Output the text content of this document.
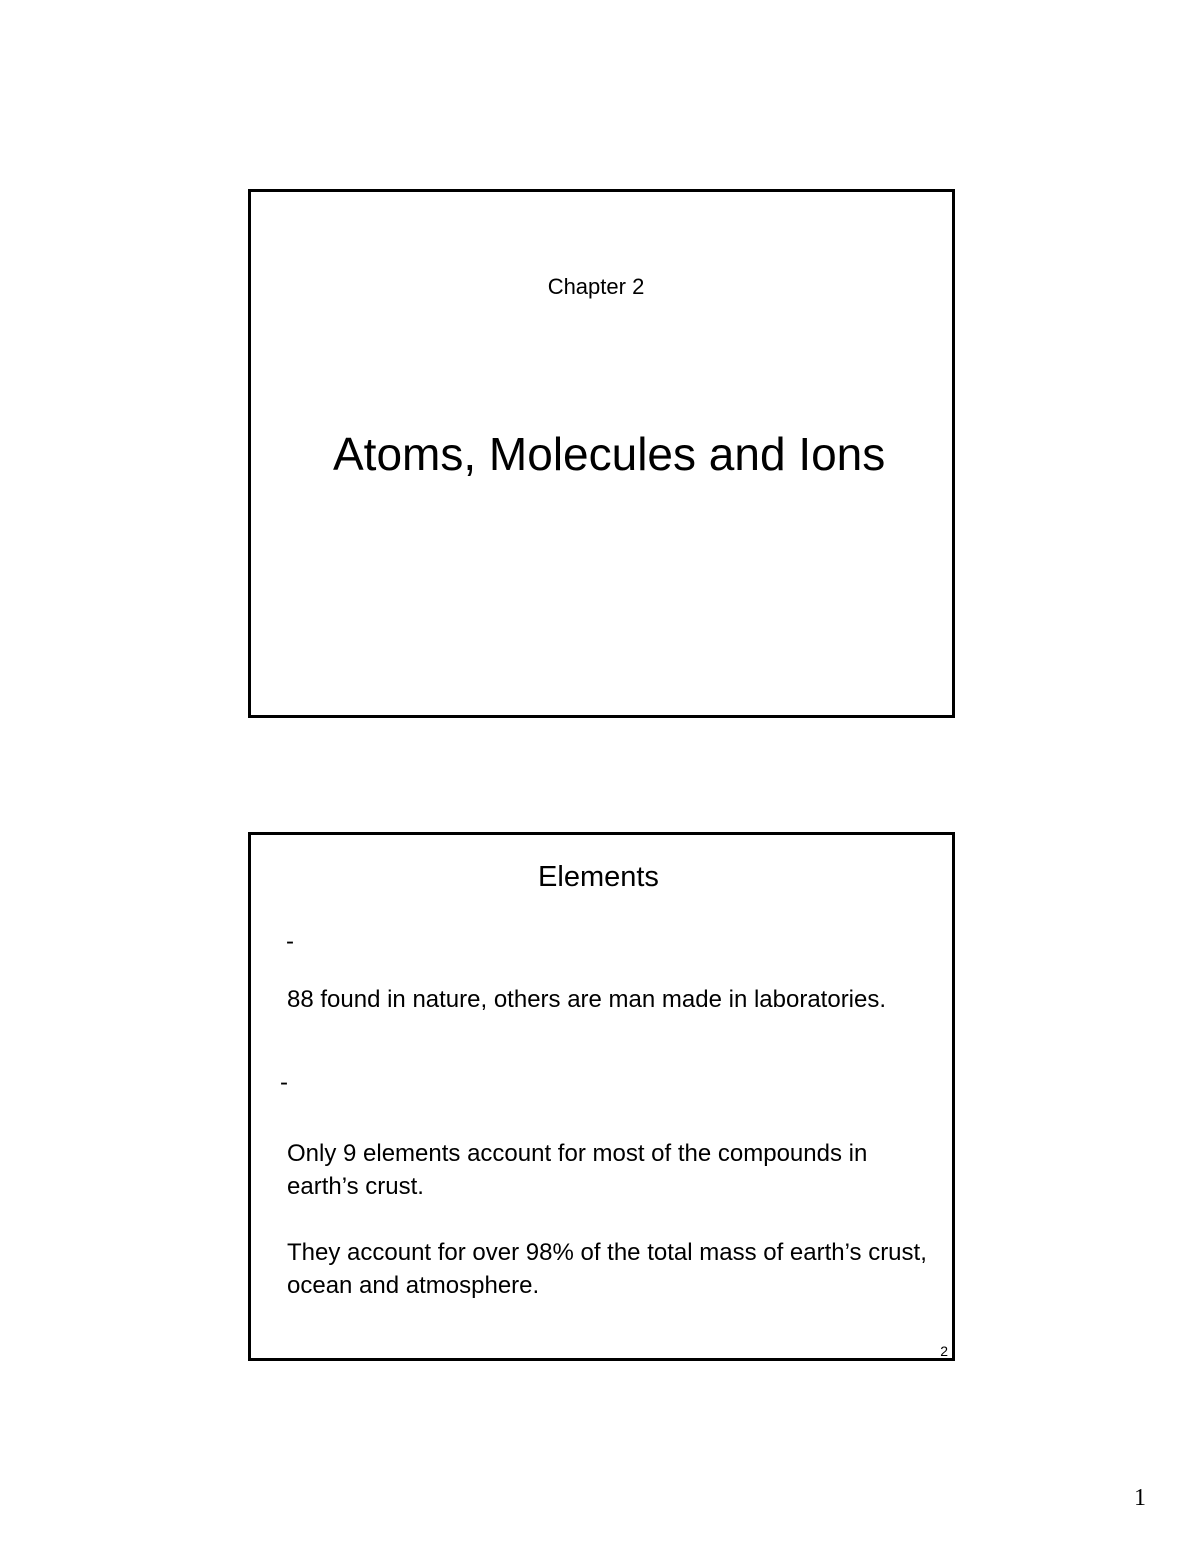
Chapter 2
Atoms, Molecules and Ions
Elements
-
88 found in nature, others are man made in laboratories.
-
Only 9 elements account for most of the compounds in earth’s crust.
They account for over 98% of the total mass of earth’s crust, ocean and atmosphere.
2
1
